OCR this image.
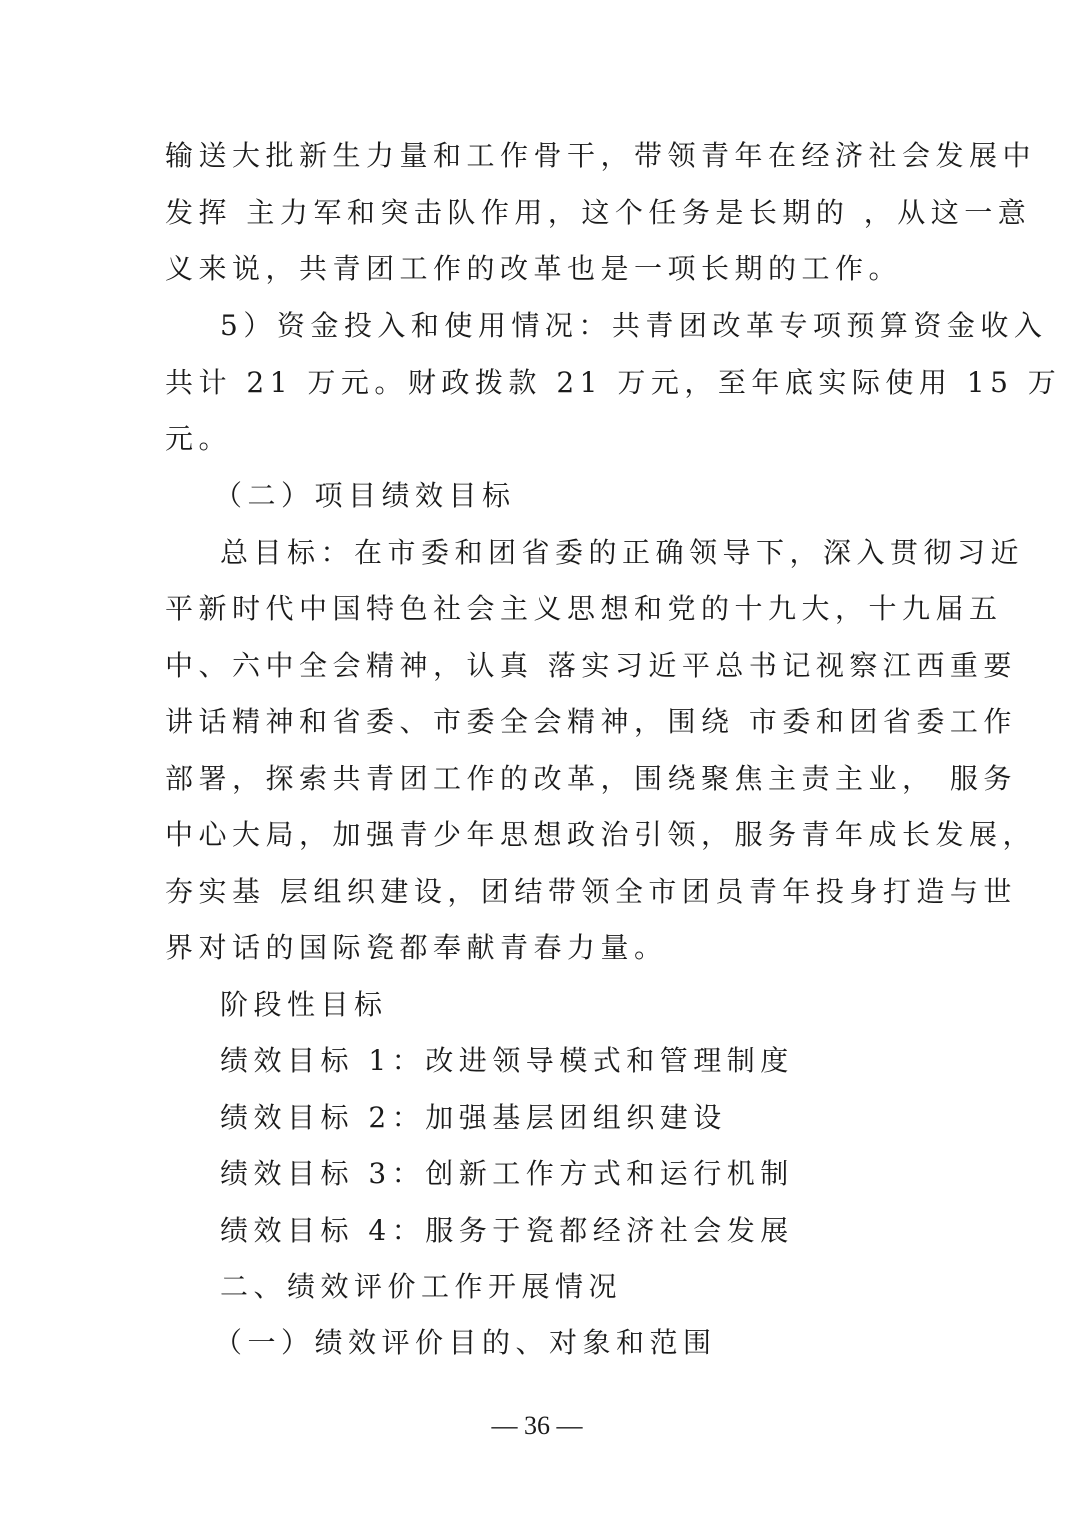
输送大批新生力量和工作骨干，带领青年在经济社会发展中
发挥 主力军和突击队作用，这个任务是长期的 ，从这一意
义来说，共青团工作的改革也是一项长期的工作。
5）资金投入和使用情况：共青团改革专项预算资金收入
共计 21 万元。财政拨款 21 万元，至年底实际使用 15 万
元。
（二）项目绩效目标
总目标：在市委和团省委的正确领导下，深入贯彻习近
平新时代中国特色社会主义思想和党的十九大，十九届五
中、六中全会精神，认真 落实习近平总书记视察江西重要
讲话精神和省委、市委全会精神，围绕 市委和团省委工作
部署，探索共青团工作的改革，围绕聚焦主责主业， 服务
中心大局，加强青少年思想政治引领，服务青年成长发展，
夯实基 层组织建设，团结带领全市团员青年投身打造与世
界对话的国际瓷都奉献青春力量。
阶段性目标
绩效目标 1：改进领导模式和管理制度
绩效目标 2：加强基层团组织建设
绩效目标 3：创新工作方式和运行机制
绩效目标 4：服务于瓷都经济社会发展
二、绩效评价工作开展情况
（一）绩效评价目的、对象和范围
— 36 —
